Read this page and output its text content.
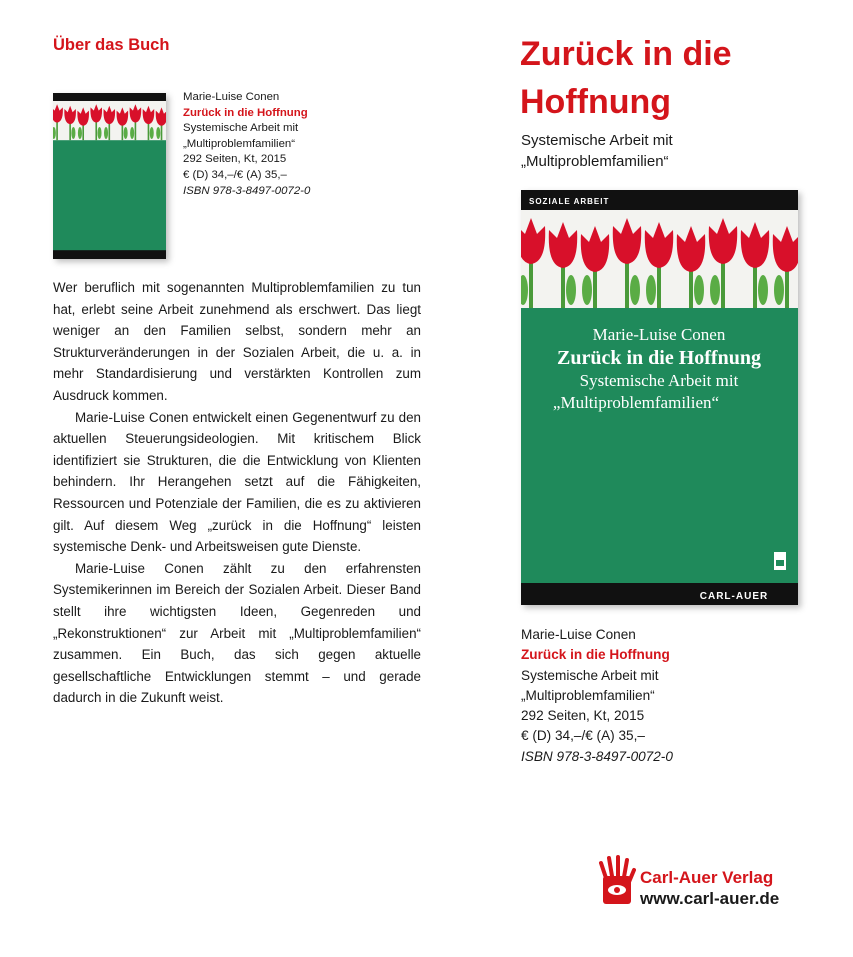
Über das Buch
Marie-Luise Conen
Zurück in die Hoffnung
Systemische Arbeit mit
„Multiproblemfamilien“
292 Seiten, Kt, 2015
€ (D) 34,–/€ (A) 35,–
ISBN 978-3-8497-0072-0

Wer beruflich mit sogenannten Multiproblemfamilien zu tun hat, erlebt seine Arbeit zunehmend als erschwert. Das liegt weniger an den Familien selbst, sondern mehr an Strukturveränderungen in der Sozialen Arbeit, die u. a. in mehr Standardisierung und verstärkten Kontrollen zum Ausdruck kommen.

Marie-Luise Conen entwickelt einen Gegenentwurf zu den aktuellen Steuerungsideologien. Mit kritischem Blick identifiziert sie Strukturen, die die Entwicklung von Klienten behindern. Ihr Herangehen setzt auf die Fähigkeiten, Ressourcen und Potenziale der Familien, die es zu aktivieren gilt. Auf diesem Weg „zurück in die Hoffnung“ leisten systemische Denk- und Arbeitsweisen gute Dienste.

Marie-Luise Conen zählt zu den erfahrensten Systemikerinnen im Bereich der Sozialen Arbeit. Dieser Band stellt ihre wichtigsten Ideen, Gegenreden und „Rekonstruktionen“ zur Arbeit mit „Multiproblemfamilien“ zusammen. Ein Buch, das sich gegen aktuelle gesellschaftliche Entwicklungen stemmt – und gerade dadurch in die Zukunft weist.

Zurück in die
Hoffnung
Systemische Arbeit mit
„Multiproblemfamilien“
SOZIALE ARBEIT
Marie-Luise Conen
Zurück in die Hoffnung
Systemische Arbeit mit
„Multiproblemfamilien“
CARL-AUER
Marie-Luise Conen
Zurück in die Hoffnung
Systemische Arbeit mit
„Multiproblemfamilien“
292 Seiten, Kt, 2015
€ (D) 34,–/€ (A) 35,–
ISBN 978-3-8497-0072-0
Carl-Auer Verlag
www.carl-auer.de
